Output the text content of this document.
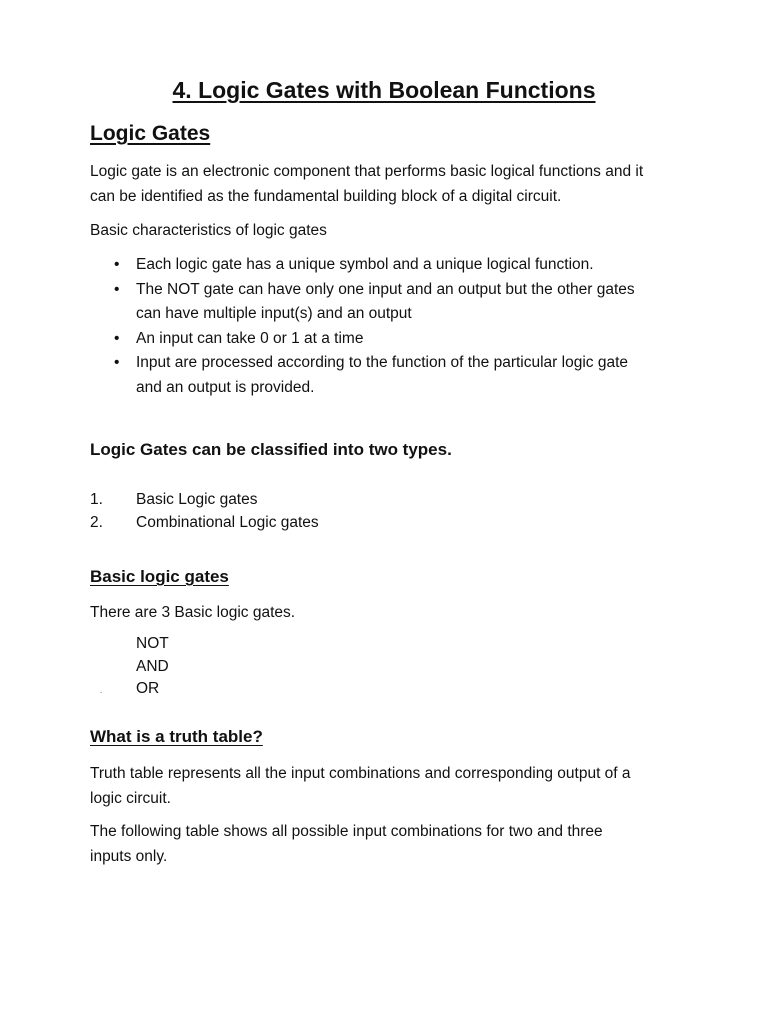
4. Logic Gates with Boolean Functions
Logic Gates
Logic gate is an electronic component that performs basic logical functions and it
can be identified as the fundamental building block of a digital circuit.
Basic characteristics of logic gates
• Each logic gate has a unique symbol and a unique logical function.
• The NOT gate can have only one input and an output but the other gates
can have multiple input(s) and an output
• An input can take 0 or 1 at a time
• Input are processed according to the function of the particular logic gate
and an output is provided.
Logic Gates can be classified into two types.
1. Basic Logic gates
2. Combinational Logic gates
Basic logic gates
There are 3 Basic logic gates.
NOT
AND
OR
.
What is a truth table?
Truth table represents all the input combinations and corresponding output of a
logic circuit.
The following table shows all possible input combinations for two and three
inputs only.
